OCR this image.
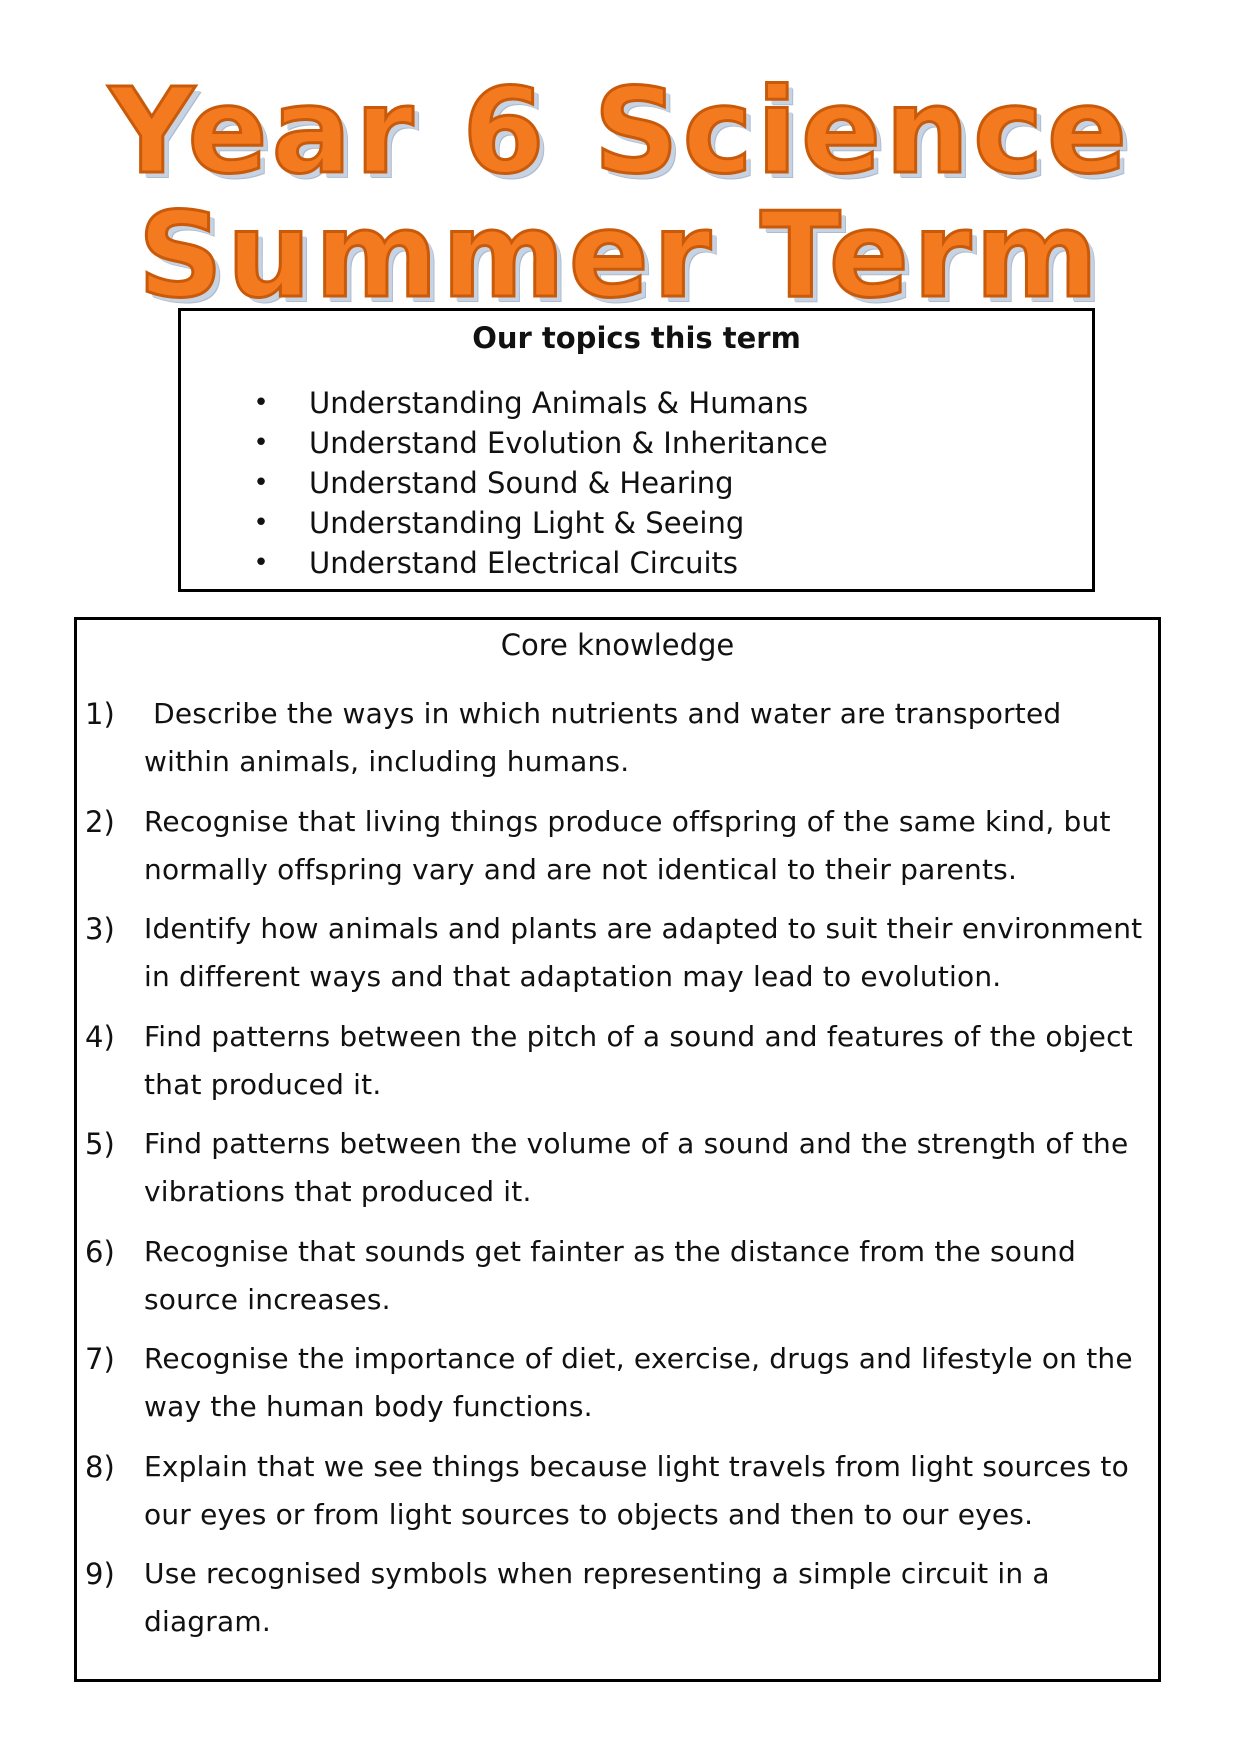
Year 6 Science
Summer Term
Our topics this term
• Understanding Animals & Humans
• Understand Evolution & Inheritance
• Understand Sound & Hearing
• Understanding Light & Seeing
• Understand Electrical Circuits
Core knowledge
1) Describe the ways in which nutrients and water are transported within animals, including humans.
2) Recognise that living things produce offspring of the same kind, but normally offspring vary and are not identical to their parents.
3) Identify how animals and plants are adapted to suit their environment in different ways and that adaptation may lead to evolution.
4) Find patterns between the pitch of a sound and features of the object that produced it.
5) Find patterns between the volume of a sound and the strength of the vibrations that produced it.
6) Recognise that sounds get fainter as the distance from the sound source increases.
7) Recognise the importance of diet, exercise, drugs and lifestyle on the way the human body functions.
8) Explain that we see things because light travels from light sources to our eyes or from light sources to objects and then to our eyes.
9) Use recognised symbols when representing a simple circuit in a diagram.
